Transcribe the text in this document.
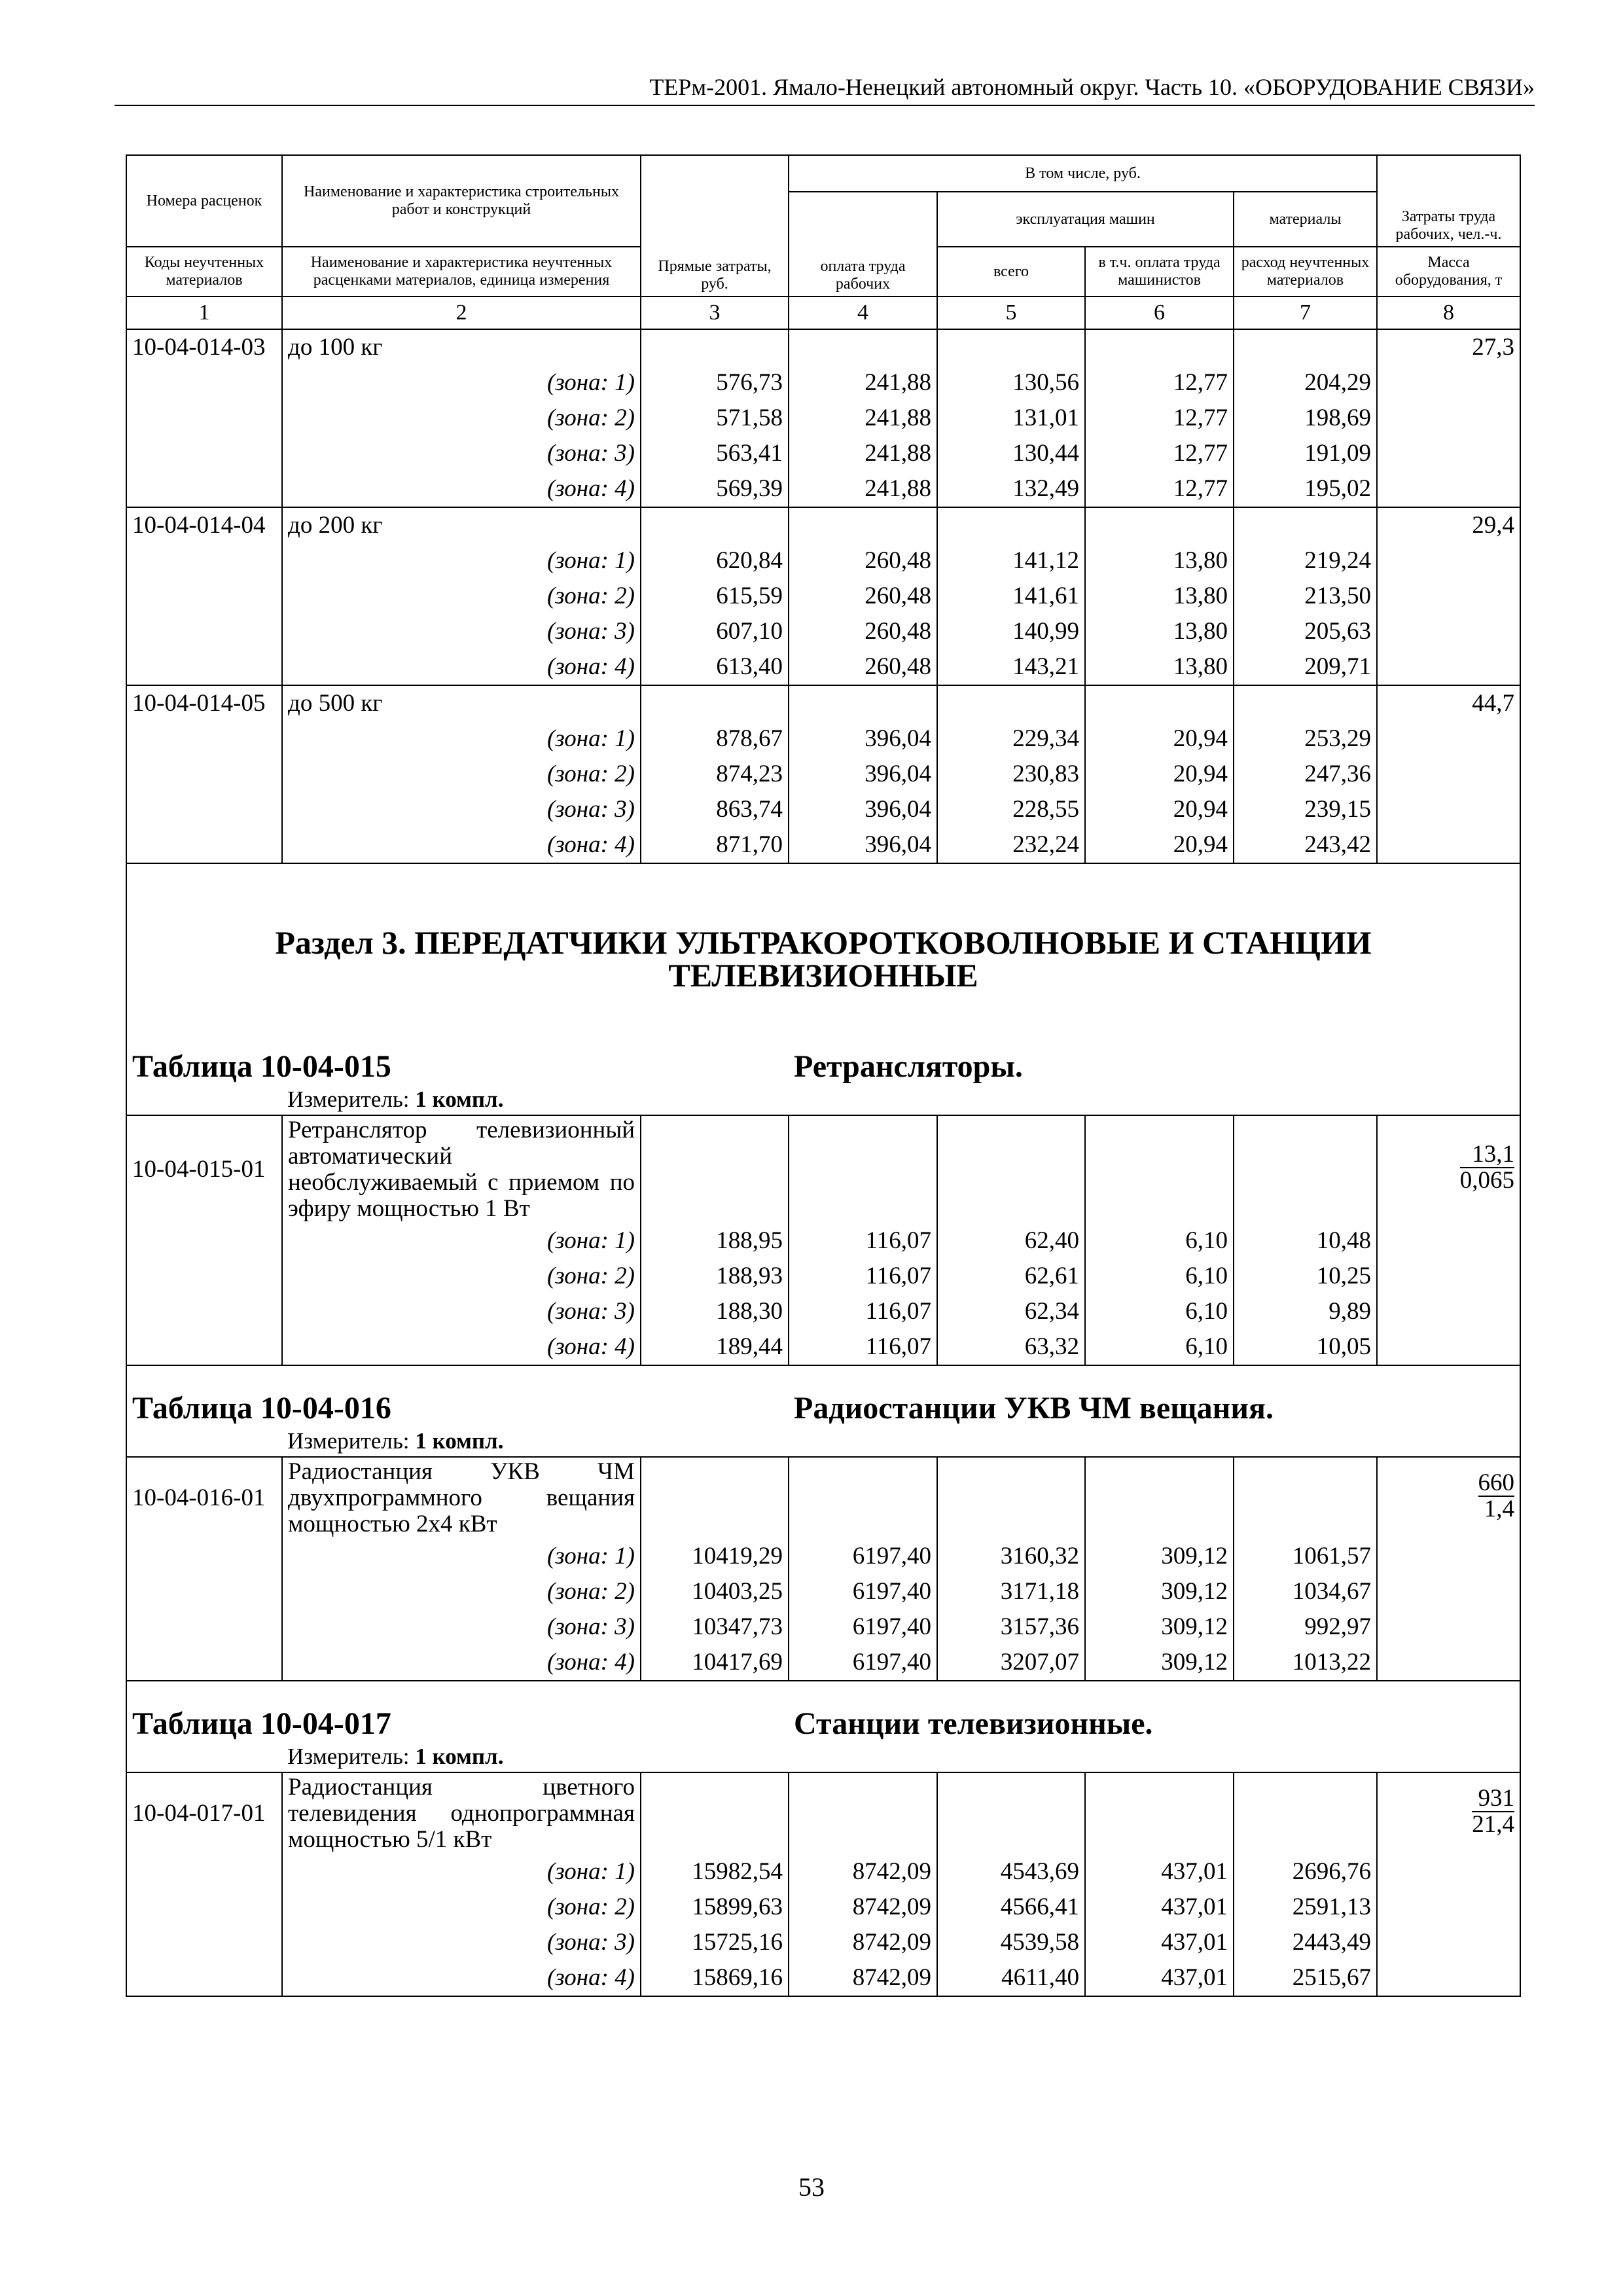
ТЕРм-2001. Ямало-Ненецкий автономный округ. Часть 10. «ОБОРУДОВАНИЕ СВЯЗИ»
Номера расценок	Наименование и характеристика строительных работ и конструкций	Прямые затраты, руб.	В том числе, руб.				Затраты труда рабочих, чел.-ч.
			оплата труда рабочих	эксплуатация машин		материалы	
Коды неучтенных материалов	Наименование и характеристика неучтенных расценками материалов, единица измерения			всего	в т.ч. оплата труда машинистов	расход неучтенных материалов	Масса оборудования, т
1	2	3	4	5	6	7	8
10-04-014-03	до 100 кг						27,3
	(зона: 1)	576,73	241,88	130,56	12,77	204,29	
	(зона: 2)	571,58	241,88	131,01	12,77	198,69	
	(зона: 3)	563,41	241,88	130,44	12,77	191,09	
	(зона: 4)	569,39	241,88	132,49	12,77	195,02	
10-04-014-04	до 200 кг						29,4
	(зона: 1)	620,84	260,48	141,12	13,80	219,24	
	(зона: 2)	615,59	260,48	141,61	13,80	213,50	
	(зона: 3)	607,10	260,48	140,99	13,80	205,63	
	(зона: 4)	613,40	260,48	143,21	13,80	209,71	
10-04-014-05	до 500 кг						44,7
	(зона: 1)	878,67	396,04	229,34	20,94	253,29	
	(зона: 2)	874,23	396,04	230,83	20,94	247,36	
	(зона: 3)	863,74	396,04	228,55	20,94	239,15	
	(зона: 4)	871,70	396,04	232,24	20,94	243,42	

Раздел 3. ПЕРЕДАТЧИКИ УЛЬТРАКОРОТКОВОЛНОВЫЕ И СТАНЦИИ
ТЕЛЕВИЗИОННЫЕ							

Таблица 10-04-015			Ретрансляторы.				
	Измеритель: 1 компл.						
10-04-015-01	Ретранслятор телевизионный автоматический необслуживаемый с приемом по эфиру мощностью 1 Вт						$\frac{13,1}{0,065}$
	(зона: 1)	188,95	116,07	62,40	6,10	10,48	
	(зона: 2)	188,93	116,07	62,61	6,10	10,25	
	(зона: 3)	188,30	116,07	62,34	6,10	9,89	
	(зона: 4)	189,44	116,07	63,32	6,10	10,05	
Таблица 10-04-016			Радиостанции УКВ ЧМ вещания.				
	Измеритель: 1 компл.						
10-04-016-01	Радиостанция УКВ ЧМ двухпрограммного вещания мощностью 2х4 кВт						$\frac{660}{1,4}$
	(зона: 1)	10419,29	6197,40	3160,32	309,12	1061,57	
	(зона: 2)	10403,25	6197,40	3171,18	309,12	1034,67	
	(зона: 3)	10347,73	6197,40	3157,36	309,12	992,97	
	(зона: 4)	10417,69	6197,40	3207,07	309,12	1013,22	
Таблица 10-04-017			Станции телевизионные.				
	Измеритель: 1 компл.						
10-04-017-01	Радиостанция цветного телевидения однопрограммная мощностью 5/1 кВт						$\frac{931}{21,4}$
	(зона: 1)	15982,54	8742,09	4543,69	437,01	2696,76	
	(зона: 2)	15899,63	8742,09	4566,41	437,01	2591,13	
	(зона: 3)	15725,16	8742,09	4539,58	437,01	2443,49	
	(зона: 4)	15869,16	8742,09	4611,40	437,01	2515,67	
53
